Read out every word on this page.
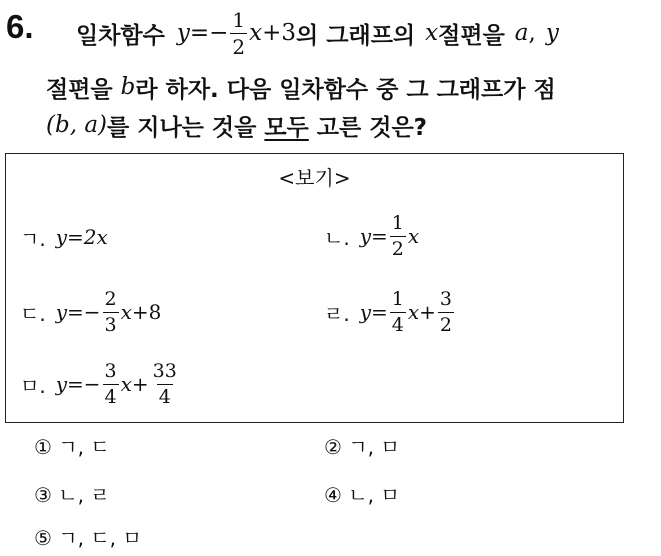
6. 일차함수 $y =- \frac{1}{2}$ x +3 의 그래프의 x 절편을 a , y
절편을 b 라 하자. 다음 일차함수 중 그 그래프가 점
(b, a) 를 지나는 것을 모두 고른 것은?
<보기>
ㄱ. y = 2x	ㄴ. $y = \frac{1}{2}$ x
ㄷ. $y =- \frac{2}{3}$ x +8	ㄹ. $y = \frac{1}{4}$ $x + \frac{3}{2}$
ㅁ. $y =- \frac{3}{4}$ $x + \frac{33}{4}$
① ㄱ, ㄷ	② ㄱ, ㅁ
③ ㄴ, ㄹ	④ ㄴ, ㅁ
⑤ ㄱ, ㄷ, ㅁ
